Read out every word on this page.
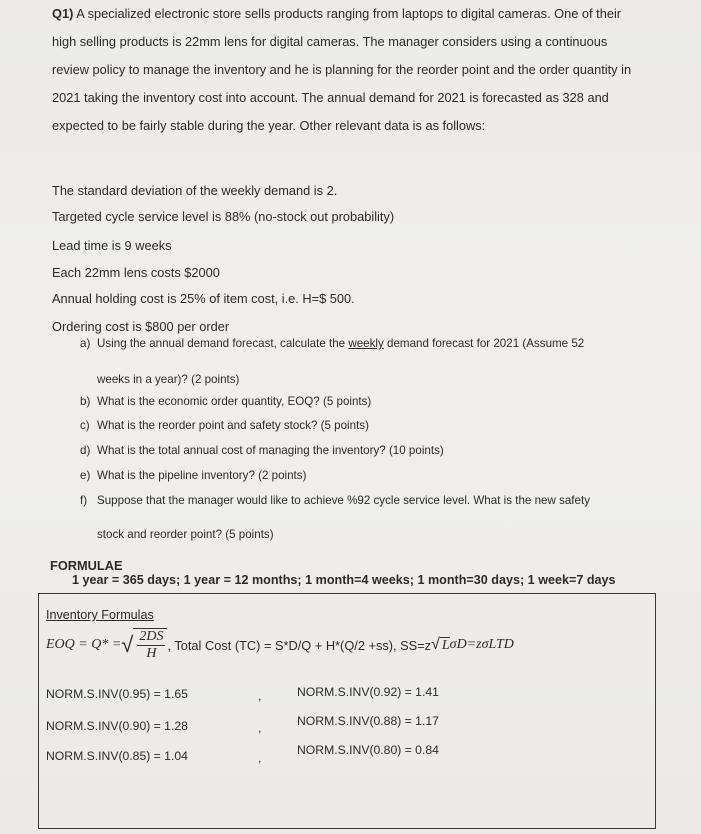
Q1) A specialized electronic store sells products ranging from laptops to digital cameras. One of their high selling products is 22mm lens for digital cameras. The manager considers using a continuous review policy to manage the inventory and he is planning for the reorder point and the order quantity in 2021 taking the inventory cost into account. The annual demand for 2021 is forecasted as 328 and expected to be fairly stable during the year. Other relevant data is as follows:
The standard deviation of the weekly demand is 2.
Targeted cycle service level is 88% (no-stock out probability)
Lead time is 9 weeks
Each 22mm lens costs $2000
Annual holding cost is 25% of item cost, i.e. H=$ 500.
Ordering cost is $800 per order
a) Using the annual demand forecast, calculate the weekly demand forecast for 2021 (Assume 52
weeks in a year)? (2 points)
b) What is the economic order quantity, EOQ? (5 points)
c) What is the reorder point and safety stock? (5 points)
d) What is the total annual cost of managing the inventory? (10 points)
e) What is the pipeline inventory? (2 points)
f) Suppose that the manager would like to achieve %92 cycle service level. What is the new safety
stock and reorder point? (5 points)
FORMULAE
1 year = 365 days; 1 year = 12 months; 1 month=4 weeks; 1 month=30 days; 1 week=7 days
Inventory Formulas
EOQ = Q* = √ $\frac{2DS}{H}$ , Total Cost (TC) = S*D/Q + H*(Q/2 +ss), SS=z √ L σD=zσLTD
NORM.S.INV(0.95) = 1.65
NORM.S.INV(0.90) = 1.28
NORM.S.INV(0.85) = 1.04
,
,
,
NORM.S.INV(0.92) = 1.41
NORM.S.INV(0.88) = 1.17
NORM.S.INV(0.80) = 0.84
